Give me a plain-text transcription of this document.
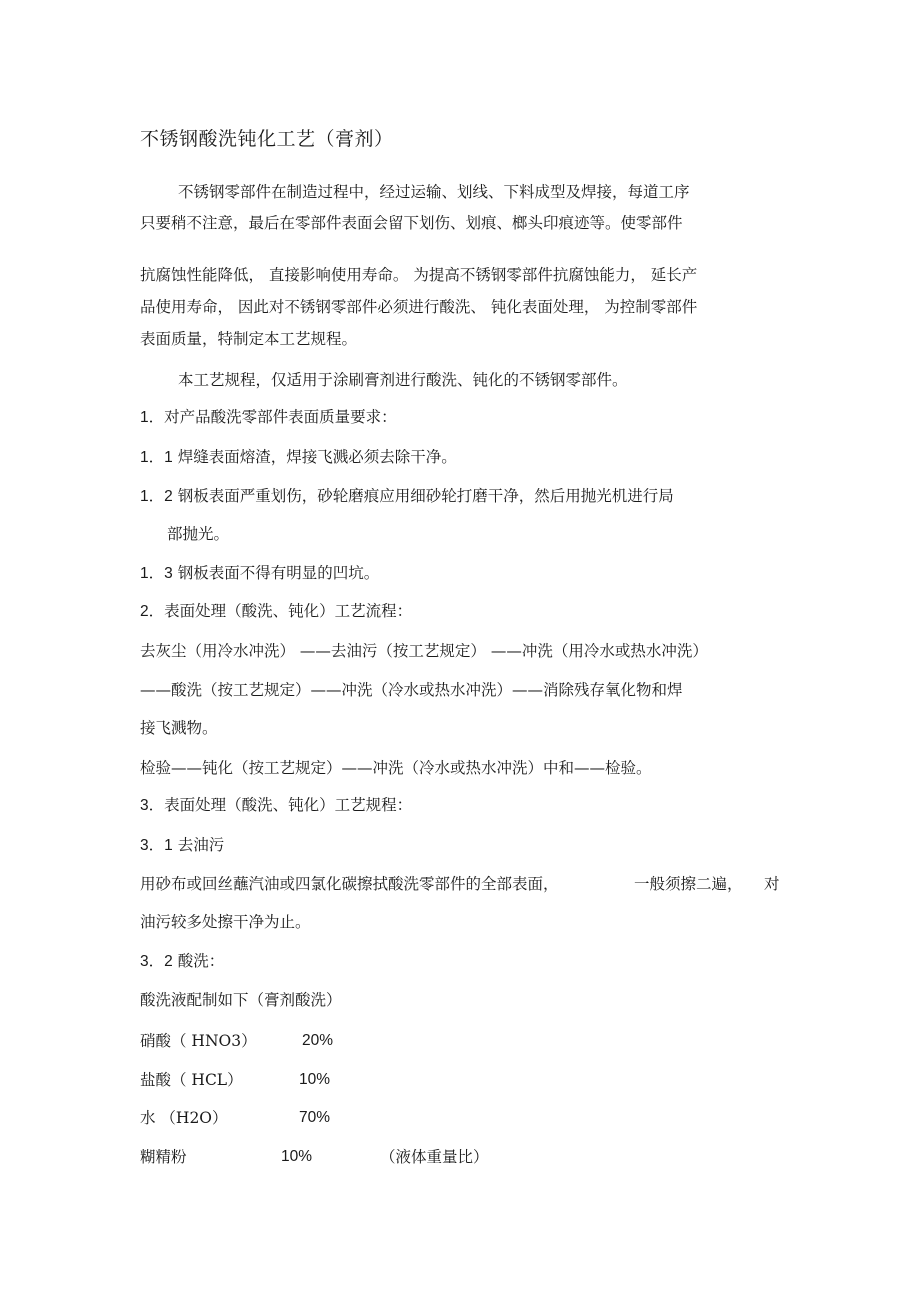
不锈钢酸洗钝化工艺（膏剂）
不锈钢零部件在制造过程中，经过运输、划线、下料成型及焊接，每道工序
只要稍不注意，最后在零部件表面会留下划伤、划痕、榔头印痕迹等。使零部件
抗腐蚀性能降低， 直接影响使用寿命。 为提高不锈钢零部件抗腐蚀能力， 延长产
品使用寿命， 因此对不锈钢零部件必须进行酸洗、 钝化表面处理， 为控制零部件
表面质量，特制定本工艺规程。
本工艺规程，仅适用于涂刷膏剂进行酸洗、钝化的不锈钢零部件。
1．对产品酸洗零部件表面质量要求：
1．1 焊缝表面熔渣，焊接飞溅必须去除干净。
1．2 钢板表面严重划伤，砂轮磨痕应用细砂轮打磨干净，然后用抛光机进行局
部抛光。
1．3 钢板表面不得有明显的凹坑。
2．表面处理（酸洗、钝化）工艺流程：
去灰尘（用冷水冲洗） ——去油污（按工艺规定） ——冲洗（用冷水或热水冲洗）
——酸洗（按工艺规定）——冲洗（冷水或热水冲洗）——消除残存氧化物和焊
接飞溅物。
检验——钝化（按工艺规定）——冲洗（冷水或热水冲洗）中和——检验。
3．表面处理（酸洗、钝化）工艺规程：
3．1 去油污
用砂布或回丝蘸汽油或四氯化碳擦拭酸洗零部件的全部表面，	一般须擦二遍， 对
油污较多处擦干净为止。
3．2 酸洗：
酸洗液配制如下（膏剂酸洗）
硝酸（ HNO3）	20%
盐酸（ HCL）	10%
水 （H2O）	70%
糊精粉	10%	（液体重量比）
